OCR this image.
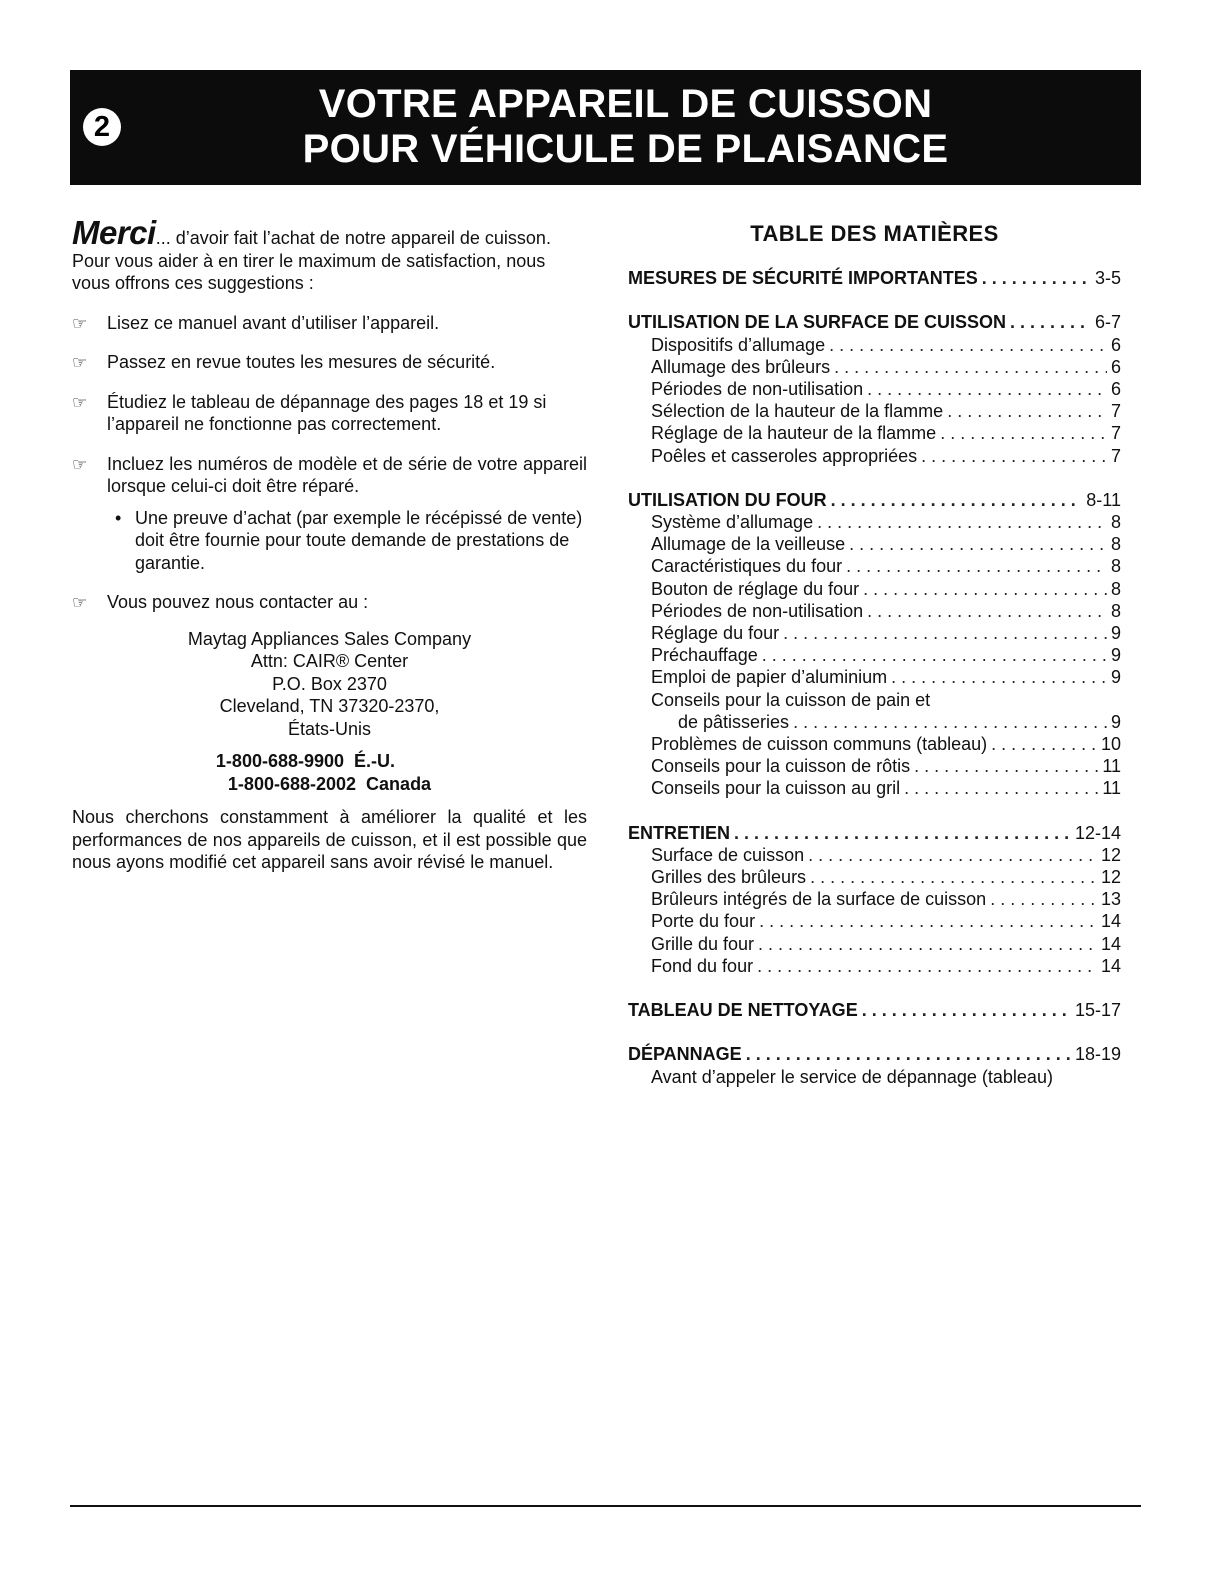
2
VOTRE APPAREIL DE CUISSON
POUR VÉHICULE DE PLAISANCE

Merci... d’avoir fait l’achat de notre appareil de cuisson. Pour vous aider à en tirer le maximum de satisfaction, nous vous offrons ces suggestions :

☞	Lisez ce manuel avant d’utiliser l’appareil.
☞	Passez en revue toutes les mesures de sécurité.
☞	Étudiez le tableau de dépannage des pages 18 et 19 si l’appareil ne fonctionne pas correctement.
☞	Incluez les numéros de modèle et de série de votre appareil lorsque celui-ci doit être réparé.
• Une preuve d’achat (par exemple le récépissé de vente) doit être fournie pour toute demande de prestations de garantie.
☞	Vous pouvez nous contacter au :
Maytag Appliances Sales Company
Attn: CAIR® Center
P.O. Box 2370
Cleveland, TN 37320-2370,
États-Unis
1-800-688-9900 É.-U.
1-800-688-2002 Canada

Nous cherchons constamment à améliorer la qualité et les performances de nos appareils de cuisson, et il est possible que nous ayons modifié cet appareil sans avoir révisé le manuel.

TABLE DES MATIÈRES
MESURES DE SÉCURITÉ IMPORTANTES . . .	3-5
UTILISATION DE LA SURFACE DE CUISSON . . .	6-7
Dispositifs d’allumage . . .	6
Allumage des brûleurs . . .	6
Périodes de non-utilisation . . .	6
Sélection de la hauteur de la flamme . . .	7
Réglage de la hauteur de la flamme . . .	7
Poêles et casseroles appropriées . . .	7
UTILISATION DU FOUR . . .	8-11
Système d’allumage . . .	8
Allumage de la veilleuse . . .	8
Caractéristiques du four . . .	8
Bouton de réglage du four . . .	8
Périodes de non-utilisation . . .	8
Réglage du four . . .	9
Préchauffage . . .	9
Emploi de papier d’aluminium . . .	9
Conseils pour la cuisson de pain et
de pâtisseries . . .	9
Problèmes de cuisson communs (tableau) . . .	10
Conseils pour la cuisson de rôtis . . .	11
Conseils pour la cuisson au gril . . .	11
ENTRETIEN . . .	12-14
Surface de cuisson . . .	12
Grilles des brûleurs . . .	12
Brûleurs intégrés de la surface de cuisson . . .	13
Porte du four . . .	14
Grille du four . . .	14
Fond du four . . .	14
TABLEAU DE NETTOYAGE . . .	15-17
DÉPANNAGE . . .	18-19
Avant d’appeler le service de dépannage (tableau)
